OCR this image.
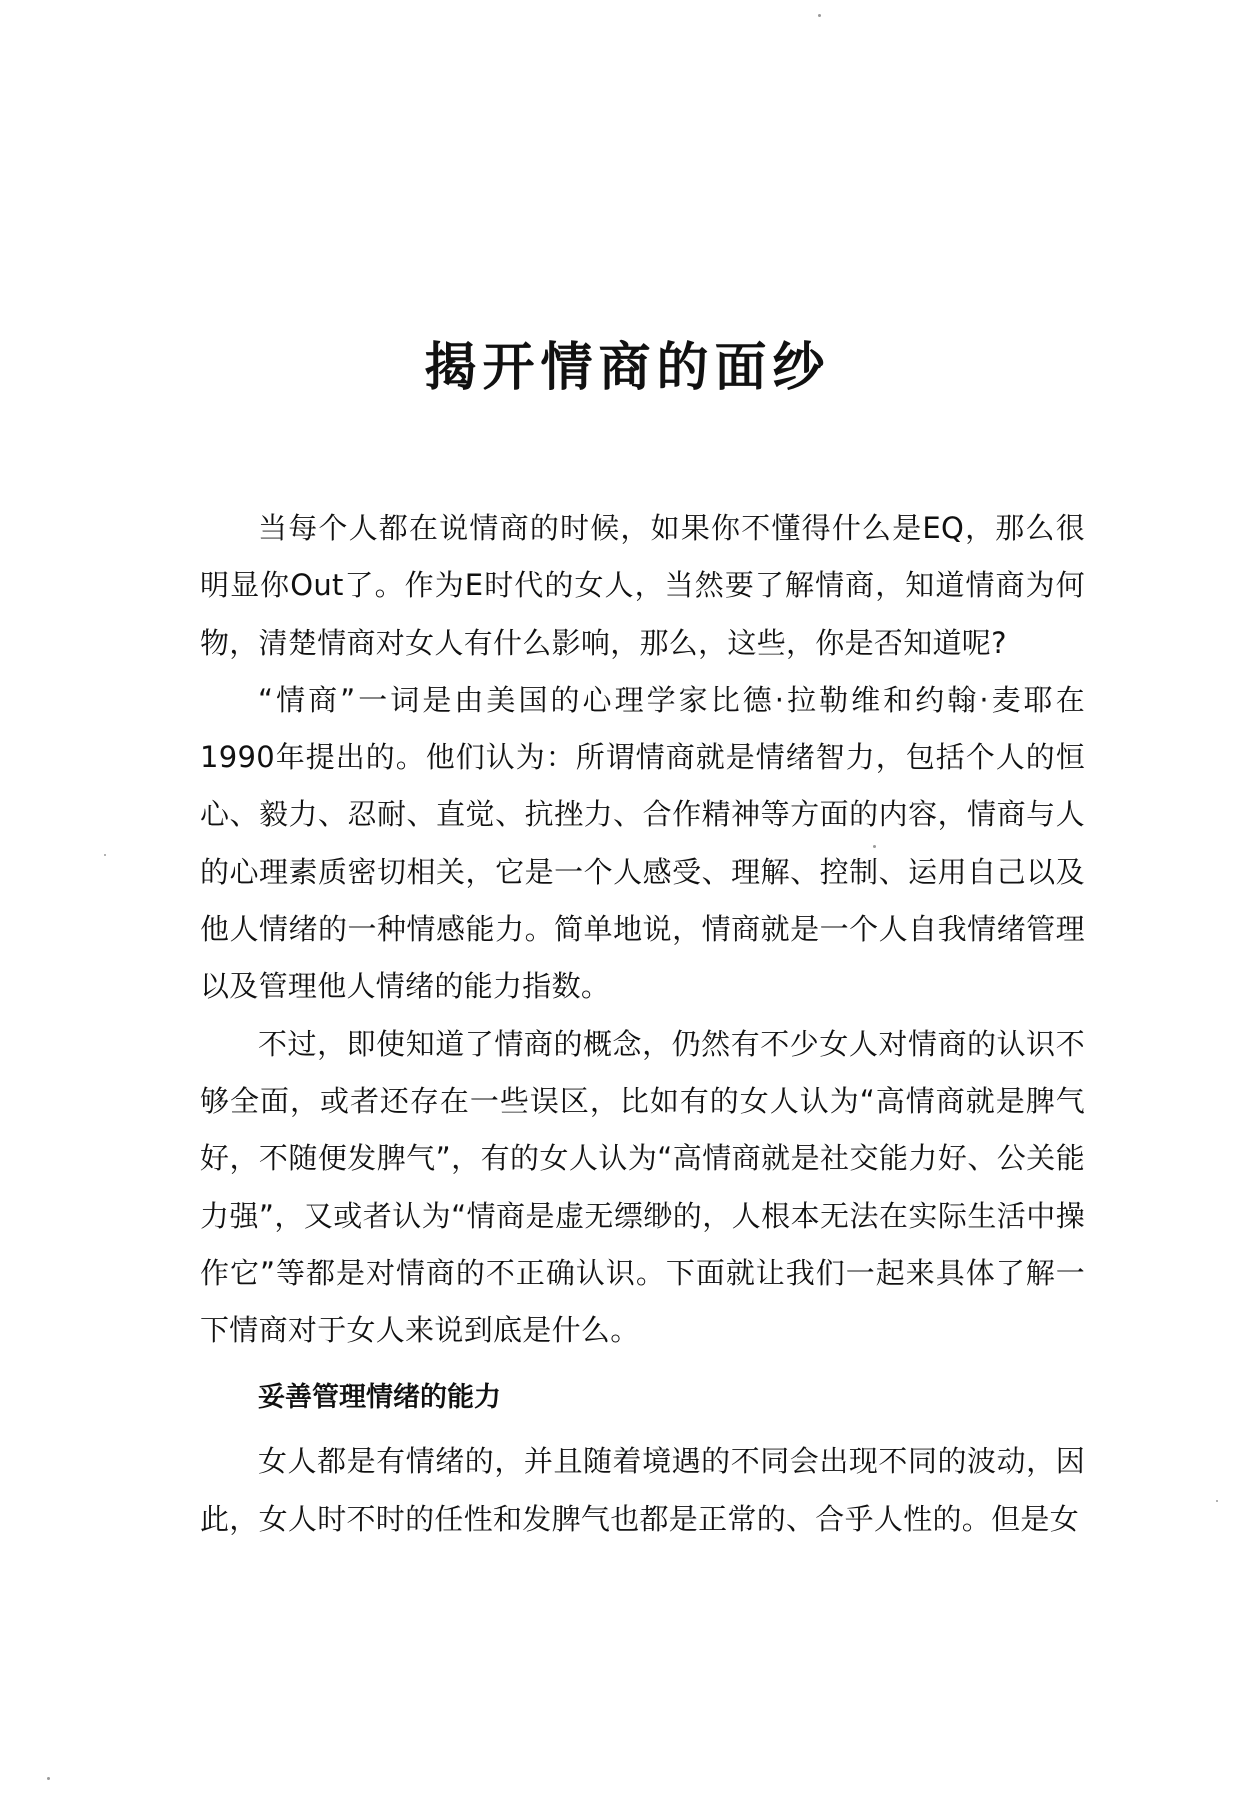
揭开情商的面纱

当每个人都在说情商的时候，如果你不懂得什么是EQ，那么很明显你Out了。作为E时代的女人，当然要了解情商，知道情商为何物，清楚情商对女人有什么影响，那么，这些，你是否知道呢?

“情商”一词是由美国的心理学家比德·拉勒维和约翰·麦耶在1990年提出的。他们认为：所谓情商就是情绪智力，包括个人的恒心、毅力、忍耐、直觉、抗挫力、合作精神等方面的内容，情商与人的心理素质密切相关，它是一个人感受、理解、控制、运用自己以及他人情绪的一种情感能力。简单地说，情商就是一个人自我情绪管理以及管理他人情绪的能力指数。

不过，即使知道了情商的概念，仍然有不少女人对情商的认识不够全面，或者还存在一些误区，比如有的女人认为“高情商就是脾气好，不随便发脾气”，有的女人认为“高情商就是社交能力好、公关能力强”，又或者认为“情商是虚无缥缈的，人根本无法在实际生活中操作它”等都是对情商的不正确认识。下面就让我们一起来具体了解一下情商对于女人来说到底是什么。

妥善管理情绪的能力

女人都是有情绪的，并且随着境遇的不同会出现不同的波动，因此，女人时不时的任性和发脾气也都是正常的、合乎人性的。但是女
